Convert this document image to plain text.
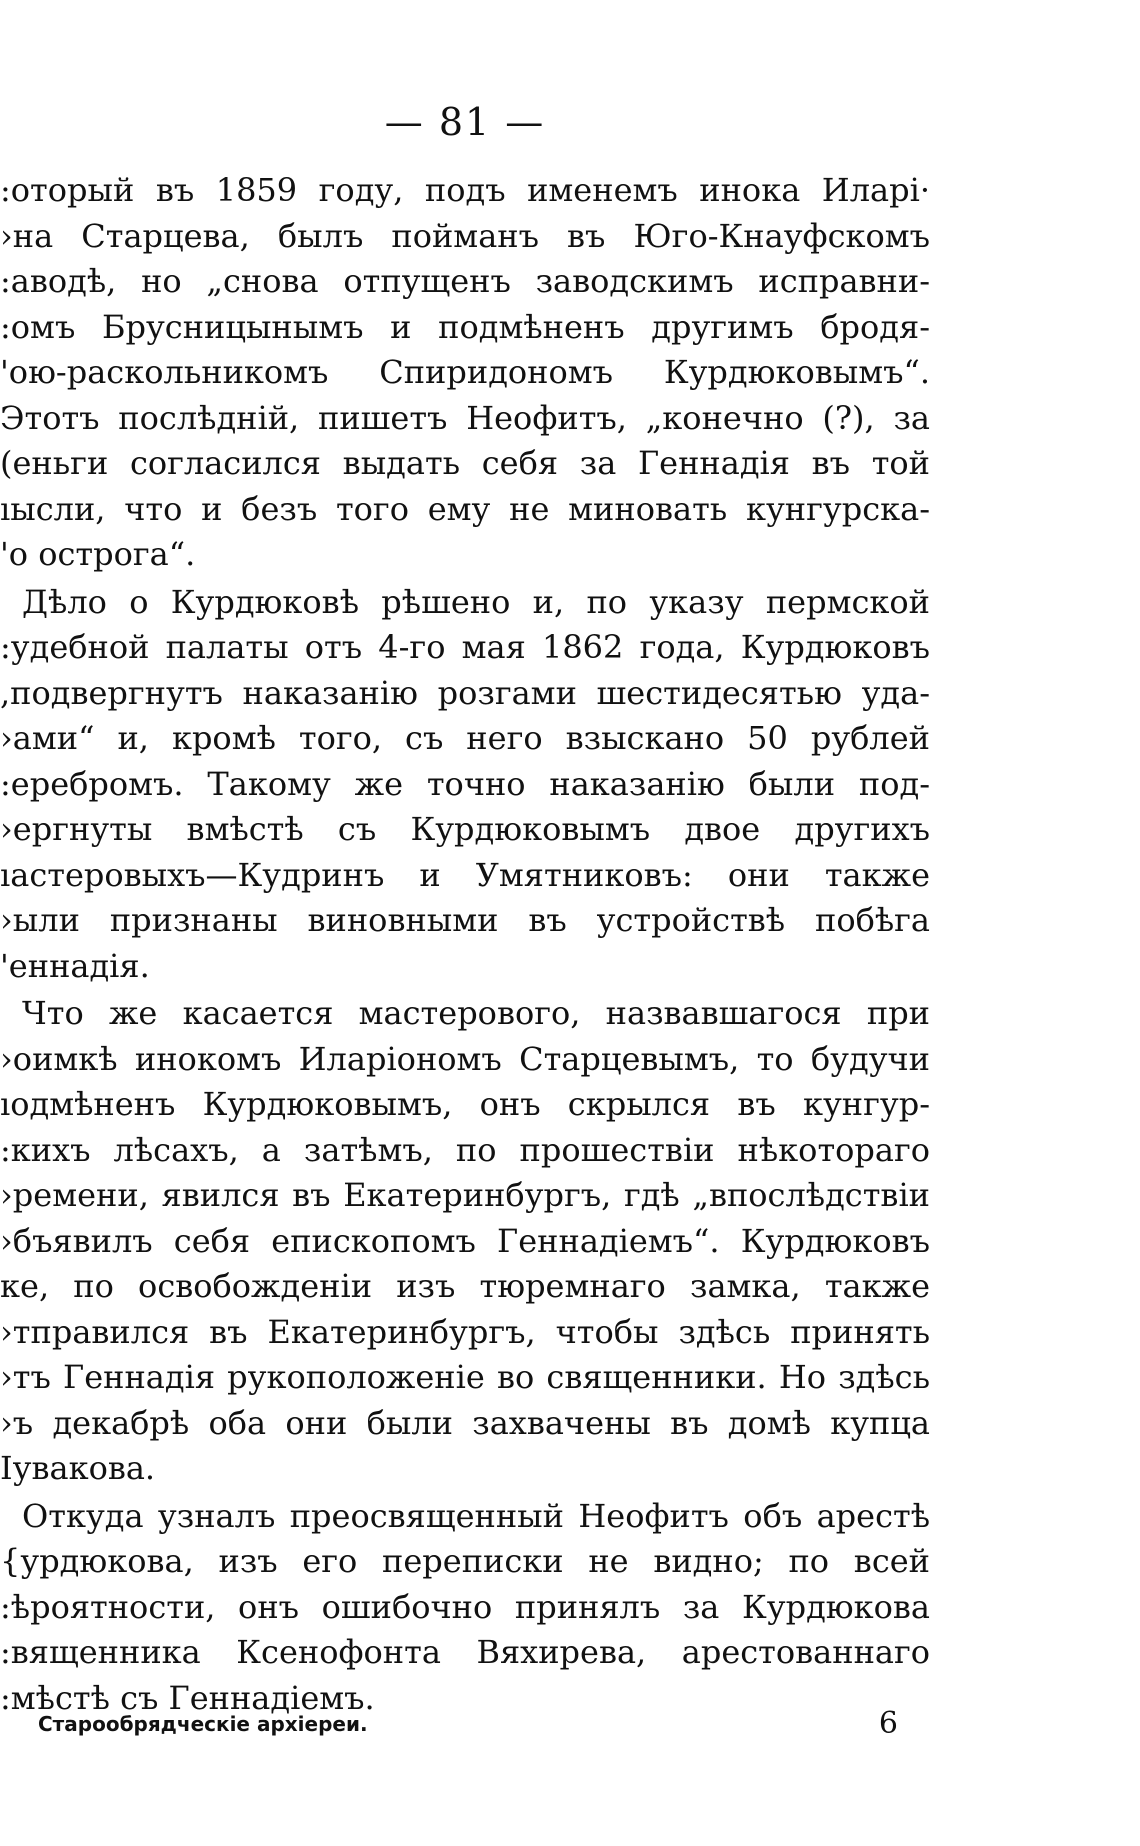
— 81 —
:оторый въ 1859 году, подъ именемъ инока Иларі·
›на Старцева, былъ пойманъ въ Юго-Кнауфскомъ
:аводѣ, но „снова отпущенъ заводскимъ исправни-
:омъ Брусницынымъ и подмѣненъ другимъ бродя-
'ою-раскольникомъ Спиридономъ Курдюковымъ“.
Этотъ послѣдній, пишетъ Неофитъ, „конечно (?), за
(еньги согласился выдать себя за Геннадія въ той
ıысли, что и безъ того ему не миновать кунгурска-
'о острога“.
Дѣло о Курдюковѣ рѣшено и, по указу пермской
:удебной палаты отъ 4-го мая 1862 года, Курдюковъ
,подвергнутъ наказанію розгами шестидесятью уда-
›ами“ и, кромѣ того, съ него взыскано 50 рублей
:еребромъ. Такому же точно наказанію были под-
›ергнуты вмѣстѣ съ Курдюковымъ двое другихъ
ıастеровыхъ—Кудринъ и Умятниковъ: они также
›ыли признаны виновными въ устройствѣ побѣга
'еннадія.
Что же касается мастерового, назвавшагося при
›оимкѣ инокомъ Иларіономъ Старцевымъ, то будучи
ıодмѣненъ Курдюковымъ, онъ скрылся въ кунгур-
:кихъ лѣсахъ, а затѣмъ, по прошествіи нѣкотораго
›ремени, явился въ Екатеринбургъ, гдѣ „впослѣдствіи
›бъявилъ себя епископомъ Геннадіемъ“. Курдюковъ
ке, по освобожденіи изъ тюремнаго замка, также
›тправился въ Екатеринбургъ, чтобы здѣсь принять
›тъ Геннадія рукоположеніе во священники. Но здѣсь
›ъ декабрѣ оба они были захвачены въ домѣ купца
Іувакова.
Откуда узналъ преосвященный Неофитъ объ арестѣ
{урдюкова, изъ его переписки не видно; по всей
:ѣроятности, онъ ошибочно принялъ за Курдюкова
:вященника Ксенофонта Вяхирева, арестованнаго
:мѣстѣ съ Геннадіемъ.
Старообрядческіе архіереи.	6
